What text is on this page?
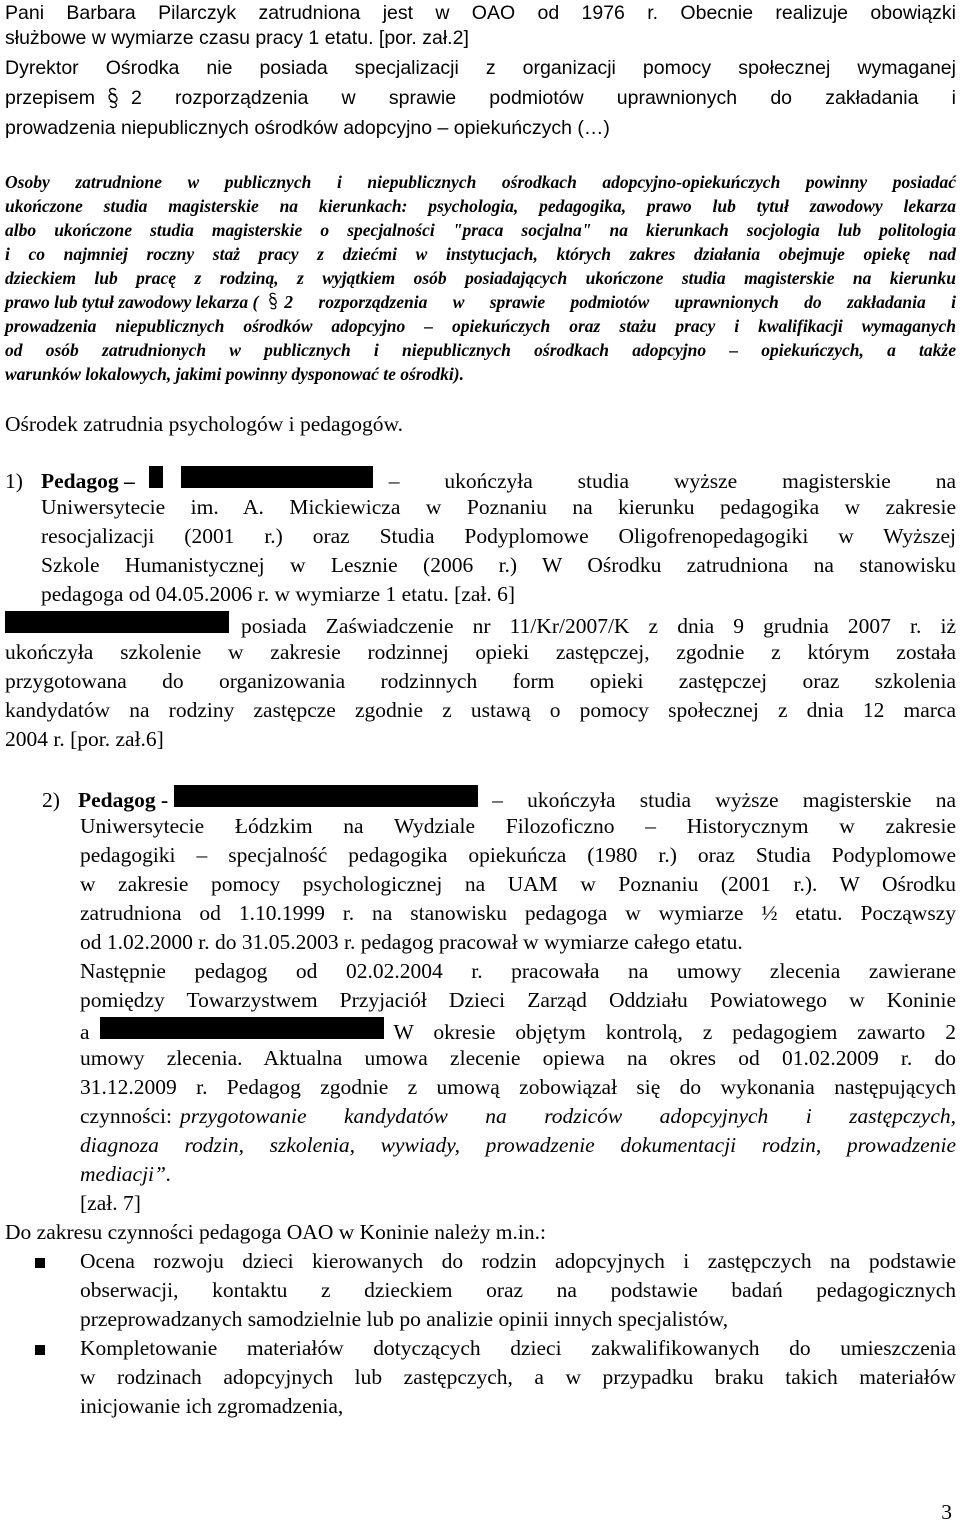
Pani Barbara Pilarczyk zatrudniona jest w OAO od 1976 r. Obecnie realizuje obowiązki
służbowe w wymiarze czasu pracy 1 etatu. [por. zał.2]
Dyrektor Ośrodka nie posiada specjalizacji z organizacji pomocy społecznej wymaganej
przepisem 2 rozporządzenia w sprawie podmiotów uprawnionych do zakładania i
prowadzenia niepublicznych ośrodków adopcyjno – opiekuńczych (…)
Osoby zatrudnione w publicznych i niepublicznych ośrodkach adopcyjno-opiekuńczych powinny posiadać
ukończone studia magisterskie na kierunkach: psychologia, pedagogika, prawo lub tytuł zawodowy lekarza
albo ukończone studia magisterskie o specjalności "praca socjalna" na kierunkach socjologia lub politologia
i co najmniej roczny staż pracy z dziećmi w instytucjach, których zakres działania obejmuje opiekę nad
dzieckiem lub pracę z rodziną, z wyjątkiem osób posiadających ukończone studia magisterskie na kierunku
prawo lub tytuł zawodowy lekarza ( 2 rozporządzenia w sprawie podmiotów uprawnionych do zakładania i
prowadzenia niepublicznych ośrodków adopcyjno – opiekuńczych oraz stażu pracy i kwalifikacji wymaganych
od osób zatrudnionych w publicznych i niepublicznych ośrodkach adopcyjno – opiekuńczych, a także
warunków lokalowych, jakimi powinny dysponować te ośrodki).
Ośrodek zatrudnia psychologów i pedagogów.
1) Pedagog –	– ukończyła studia wyższe magisterskie na
Uniwersytecie im. A. Mickiewicza w Poznaniu na kierunku pedagogika w zakresie
resocjalizacji (2001 r.) oraz Studia Podyplomowe Oligofrenopedagogiki w Wyższej
Szkole Humanistycznej w Lesznie (2006 r.) W Ośrodku zatrudniona na stanowisku
pedagoga od 04.05.2006 r. w wymiarze 1 etatu. [zał. 6]
posiada Zaświadczenie nr 11/Kr/2007/K z dnia 9 grudnia 2007 r. iż
ukończyła szkolenie w zakresie rodzinnej opieki zastępczej, zgodnie z którym została
przygotowana do organizowania rodzinnych form opieki zastępczej oraz szkolenia
kandydatów na rodziny zastępcze zgodnie z ustawą o pomocy społecznej z dnia 12 marca
2004 r. [por. zał.6]
2) Pedagog -	– ukończyła studia wyższe magisterskie na
Uniwersytecie Łódzkim na Wydziale Filozoficzno – Historycznym w zakresie
pedagogiki – specjalność pedagogika opiekuńcza (1980 r.) oraz Studia Podyplomowe
w zakresie pomocy psychologicznej na UAM w Poznaniu (2001 r.). W Ośrodku
zatrudniona od 1.10.1999 r. na stanowisku pedagoga w wymiarze ½ etatu. Począwszy
od 1.02.2000 r. do 31.05.2003 r. pedagog pracował w wymiarze całego etatu.
Następnie pedagog od 02.02.2004 r. pracowała na umowy zlecenia zawierane
pomiędzy Towarzystwem Przyjaciół Dzieci Zarząd Oddziału Powiatowego w Koninie
a	W okresie objętym kontrolą, z pedagogiem zawarto 2
umowy zlecenia. Aktualna umowa zlecenie opiewa na okres od 01.02.2009 r. do
31.12.2009 r. Pedagog zgodnie z umową zobowiązał się do wykonania następujących
czynności: przygotowanie kandydatów na rodziców adopcyjnych i zastępczych,
diagnoza rodzin, szkolenia, wywiady, prowadzenie dokumentacji rodzin, prowadzenie
mediacji”.
[zał. 7]
Do zakresu czynności pedagoga OAO w Koninie należy m.in.:
Ocena rozwoju dzieci kierowanych do rodzin adopcyjnych i zastępczych na podstawie
obserwacji, kontaktu z dzieckiem oraz na podstawie badań pedagogicznych
przeprowadzanych samodzielnie lub po analizie opinii innych specjalistów,
Kompletowanie materiałów dotyczących dzieci zakwalifikowanych do umieszczenia
w rodzinach adopcyjnych lub zastępczych, a w przypadku braku takich materiałów
inicjowanie ich zgromadzenia,
3
